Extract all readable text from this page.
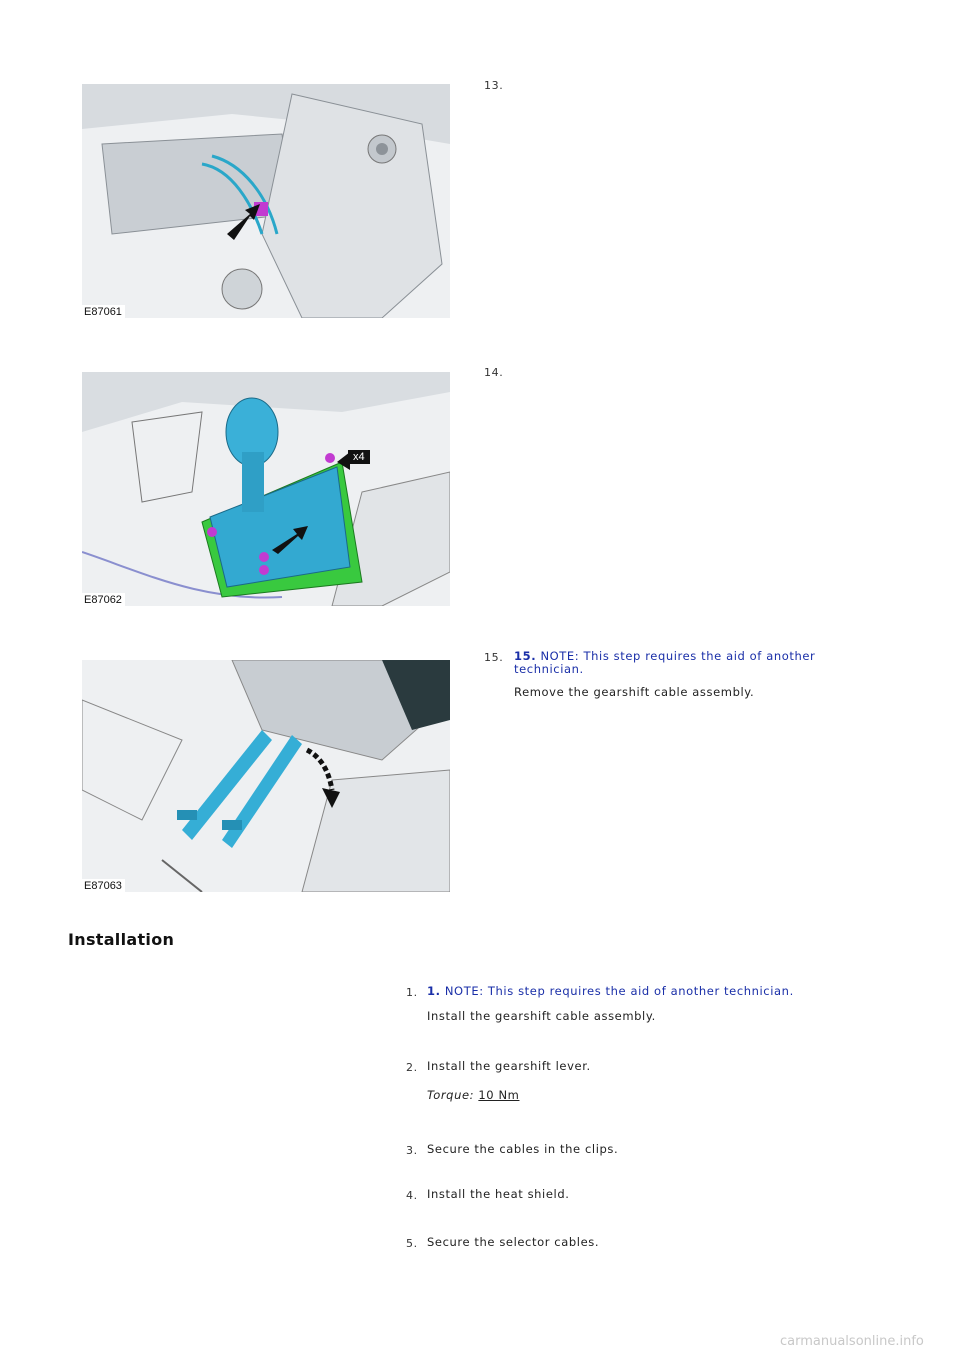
E87061
13.
x4
E87062
14.
E87063
15. 15. NOTE: This step requires the aid of another technician.
Remove the gearshift cable assembly.
Installation
1. 1. NOTE: This step requires the aid of another technician.
Install the gearshift cable assembly.
2. Install the gearshift lever.
Torque: 10 Nm
3. Secure the cables in the clips.
4. Install the heat shield.
5. Secure the selector cables.
carmanualsonline.info
